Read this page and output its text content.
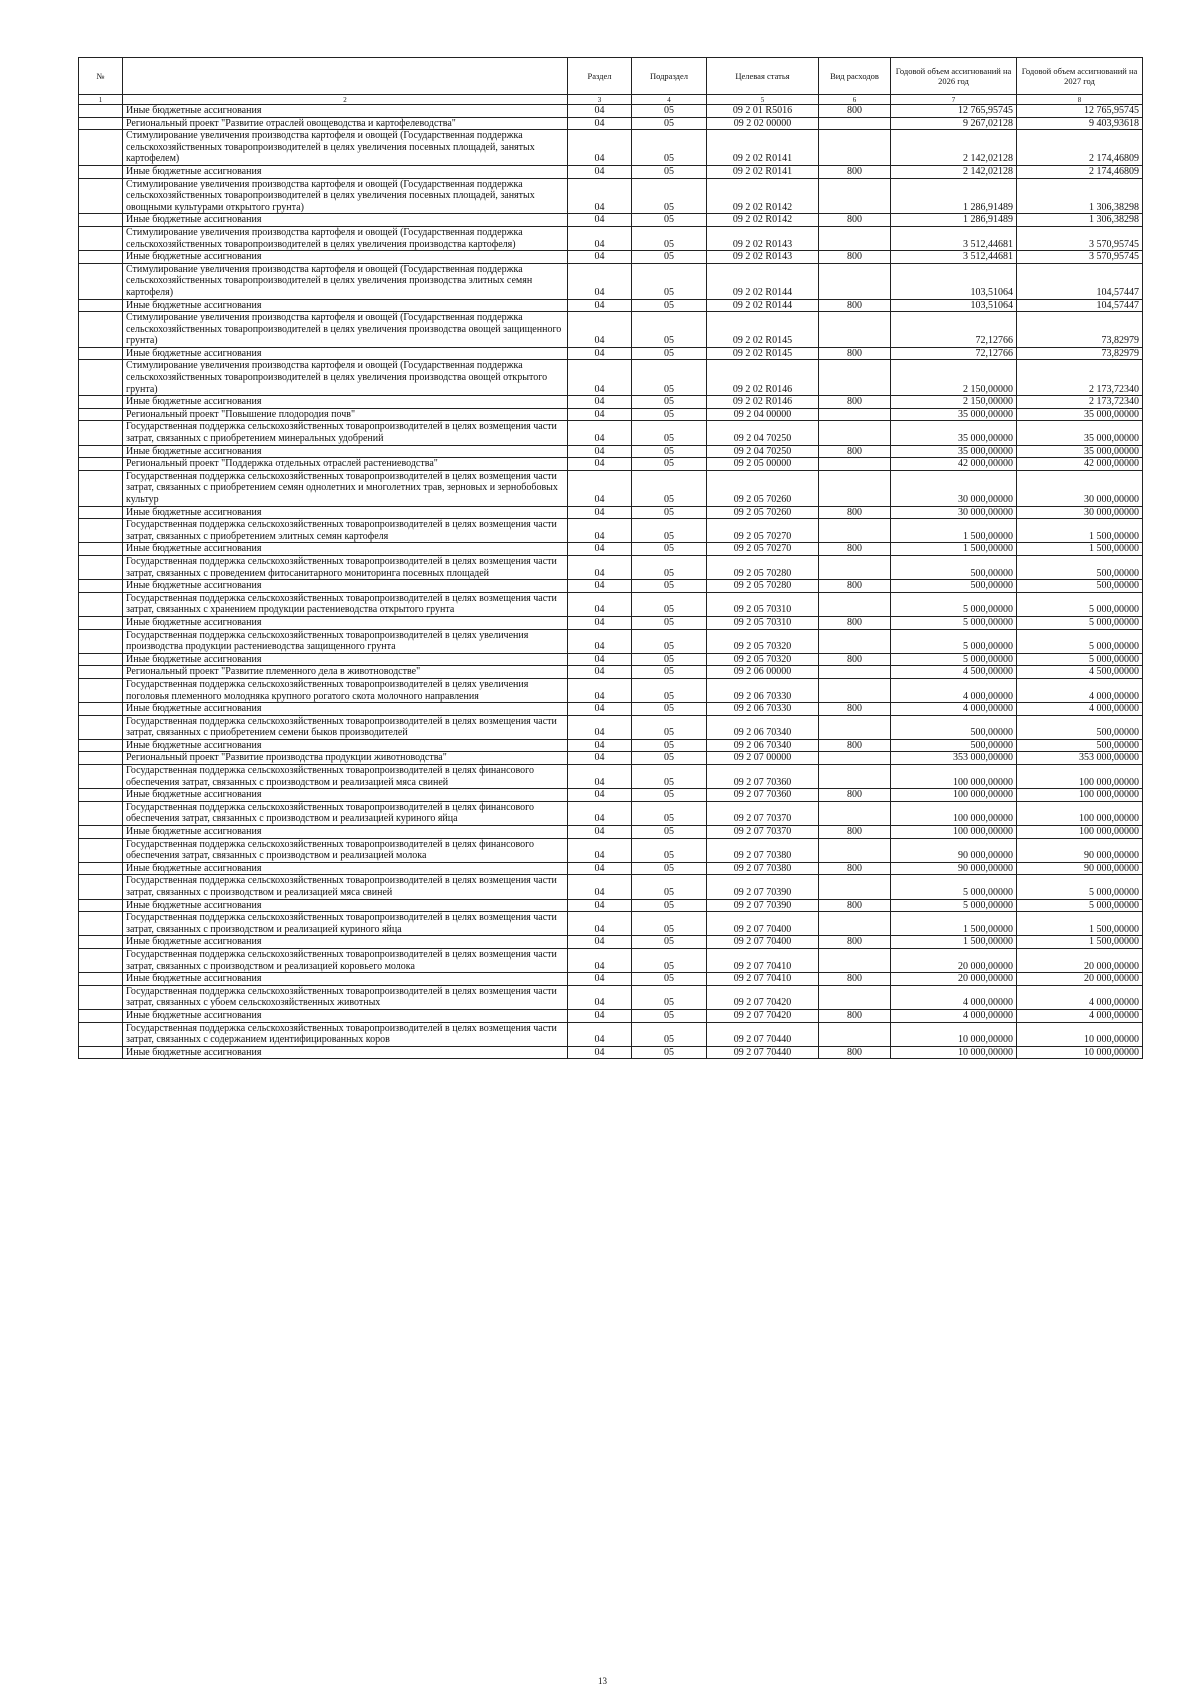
№		Раздел	Подраздел	Целевая статья	Вид расходов	Годовой объем ассигнований на 2026 год	Годовой объем ассигнований на 2027 год
1	2	3	4	5	6	7	8
	Иные бюджетные ассигнования	04	05	09 2 01 R5016	800	12 765,95745	12 765,95745
	Региональный проект "Развитие отраслей овощеводства и картофелеводства"	04	05	09 2 02 00000		9 267,02128	9 403,93618
	Стимулирование увеличения производства картофеля и овощей (Государственная поддержка сельскохозяйственных товаропроизводителей в целях увеличения посевных площадей, занятых картофелем)	04	05	09 2 02 R0141		2 142,02128	2 174,46809
	Иные бюджетные ассигнования	04	05	09 2 02 R0141	800	2 142,02128	2 174,46809
	Стимулирование увеличения производства картофеля и овощей (Государственная поддержка сельскохозяйственных товаропроизводителей в целях увеличения посевных площадей, занятых овощными культурами открытого грунта)	04	05	09 2 02 R0142		1 286,91489	1 306,38298
	Иные бюджетные ассигнования	04	05	09 2 02 R0142	800	1 286,91489	1 306,38298
	Стимулирование увеличения производства картофеля и овощей (Государственная поддержка сельскохозяйственных товаропроизводителей в целях увеличения производства картофеля)	04	05	09 2 02 R0143		3 512,44681	3 570,95745
	Иные бюджетные ассигнования	04	05	09 2 02 R0143	800	3 512,44681	3 570,95745
	Стимулирование увеличения производства картофеля и овощей (Государственная поддержка сельскохозяйственных товаропроизводителей в целях увеличения производства элитных семян картофеля)	04	05	09 2 02 R0144		103,51064	104,57447
	Иные бюджетные ассигнования	04	05	09 2 02 R0144	800	103,51064	104,57447
	Стимулирование увеличения производства картофеля и овощей (Государственная поддержка сельскохозяйственных товаропроизводителей в целях увеличения производства овощей защищенного грунта)	04	05	09 2 02 R0145		72,12766	73,82979
	Иные бюджетные ассигнования	04	05	09 2 02 R0145	800	72,12766	73,82979
	Стимулирование увеличения производства картофеля и овощей (Государственная поддержка сельскохозяйственных товаропроизводителей в целях увеличения производства овощей открытого грунта)	04	05	09 2 02 R0146		2 150,00000	2 173,72340
	Иные бюджетные ассигнования	04	05	09 2 02 R0146	800	2 150,00000	2 173,72340
	Региональный проект "Повышение плодородия почв"	04	05	09 2 04 00000		35 000,00000	35 000,00000
	Государственная поддержка сельскохозяйственных товаропроизводителей в целях возмещения части затрат, связанных с приобретением минеральных удобрений	04	05	09 2 04 70250		35 000,00000	35 000,00000
	Иные бюджетные ассигнования	04	05	09 2 04 70250	800	35 000,00000	35 000,00000
	Региональный проект "Поддержка отдельных отраслей растениеводства"	04	05	09 2 05 00000		42 000,00000	42 000,00000
	Государственная поддержка сельскохозяйственных товаропроизводителей в целях возмещения части затрат, связанных с приобретением семян однолетних и многолетних трав, зерновых и зернобобовых культур	04	05	09 2 05 70260		30 000,00000	30 000,00000
	Иные бюджетные ассигнования	04	05	09 2 05 70260	800	30 000,00000	30 000,00000
	Государственная поддержка сельскохозяйственных товаропроизводителей в целях возмещения части затрат, связанных с приобретением элитных семян картофеля	04	05	09 2 05 70270		1 500,00000	1 500,00000
	Иные бюджетные ассигнования	04	05	09 2 05 70270	800	1 500,00000	1 500,00000
	Государственная поддержка сельскохозяйственных товаропроизводителей в целях возмещения части затрат, связанных с проведением фитосанитарного мониторинга посевных площадей	04	05	09 2 05 70280		500,00000	500,00000
	Иные бюджетные ассигнования	04	05	09 2 05 70280	800	500,00000	500,00000
	Государственная поддержка сельскохозяйственных товаропроизводителей в целях возмещения части затрат, связанных с хранением продукции растениеводства открытого грунта	04	05	09 2 05 70310		5 000,00000	5 000,00000
	Иные бюджетные ассигнования	04	05	09 2 05 70310	800	5 000,00000	5 000,00000
	Государственная поддержка сельскохозяйственных товаропроизводителей в целях увеличения производства продукции растениеводства защищенного грунта	04	05	09 2 05 70320		5 000,00000	5 000,00000
	Иные бюджетные ассигнования	04	05	09 2 05 70320	800	5 000,00000	5 000,00000
	Региональный проект "Развитие племенного дела в животноводстве"	04	05	09 2 06 00000		4 500,00000	4 500,00000
	Государственная поддержка сельскохозяйственных товаропроизводителей в целях увеличения поголовья племенного молодняка крупного рогатого скота молочного направления	04	05	09 2 06 70330		4 000,00000	4 000,00000
	Иные бюджетные ассигнования	04	05	09 2 06 70330	800	4 000,00000	4 000,00000
	Государственная поддержка сельскохозяйственных товаропроизводителей в целях возмещения части затрат, связанных с приобретением семени быков производителей	04	05	09 2 06 70340		500,00000	500,00000
	Иные бюджетные ассигнования	04	05	09 2 06 70340	800	500,00000	500,00000
	Региональный проект "Развитие производства продукции животноводства"	04	05	09 2 07 00000		353 000,00000	353 000,00000
	Государственная поддержка сельскохозяйственных товаропроизводителей в целях финансового обеспечения затрат, связанных с производством и реализацией мяса свиней	04	05	09 2 07 70360		100 000,00000	100 000,00000
	Иные бюджетные ассигнования	04	05	09 2 07 70360	800	100 000,00000	100 000,00000
	Государственная поддержка сельскохозяйственных товаропроизводителей в целях финансового обеспечения затрат, связанных с производством и реализацией куриного яйца	04	05	09 2 07 70370		100 000,00000	100 000,00000
	Иные бюджетные ассигнования	04	05	09 2 07 70370	800	100 000,00000	100 000,00000
	Государственная поддержка сельскохозяйственных товаропроизводителей в целях финансового обеспечения затрат, связанных с производством и реализацией молока	04	05	09 2 07 70380		90 000,00000	90 000,00000
	Иные бюджетные ассигнования	04	05	09 2 07 70380	800	90 000,00000	90 000,00000
	Государственная поддержка сельскохозяйственных товаропроизводителей в целях возмещения части затрат, связанных с производством и реализацией мяса свиней	04	05	09 2 07 70390		5 000,00000	5 000,00000
	Иные бюджетные ассигнования	04	05	09 2 07 70390	800	5 000,00000	5 000,00000
	Государственная поддержка сельскохозяйственных товаропроизводителей в целях возмещения части затрат, связанных с производством и реализацией куриного яйца	04	05	09 2 07 70400		1 500,00000	1 500,00000
	Иные бюджетные ассигнования	04	05	09 2 07 70400	800	1 500,00000	1 500,00000
	Государственная поддержка сельскохозяйственных товаропроизводителей в целях возмещения части затрат, связанных с производством и реализацией коровьего молока	04	05	09 2 07 70410		20 000,00000	20 000,00000
	Иные бюджетные ассигнования	04	05	09 2 07 70410	800	20 000,00000	20 000,00000
	Государственная поддержка сельскохозяйственных товаропроизводителей в целях возмещения части затрат, связанных с убоем сельскохозяйственных животных	04	05	09 2 07 70420		4 000,00000	4 000,00000
	Иные бюджетные ассигнования	04	05	09 2 07 70420	800	4 000,00000	4 000,00000
	Государственная поддержка сельскохозяйственных товаропроизводителей в целях возмещения части затрат, связанных с содержанием идентифицированных коров	04	05	09 2 07 70440		10 000,00000	10 000,00000
	Иные бюджетные ассигнования	04	05	09 2 07 70440	800	10 000,00000	10 000,00000
13
